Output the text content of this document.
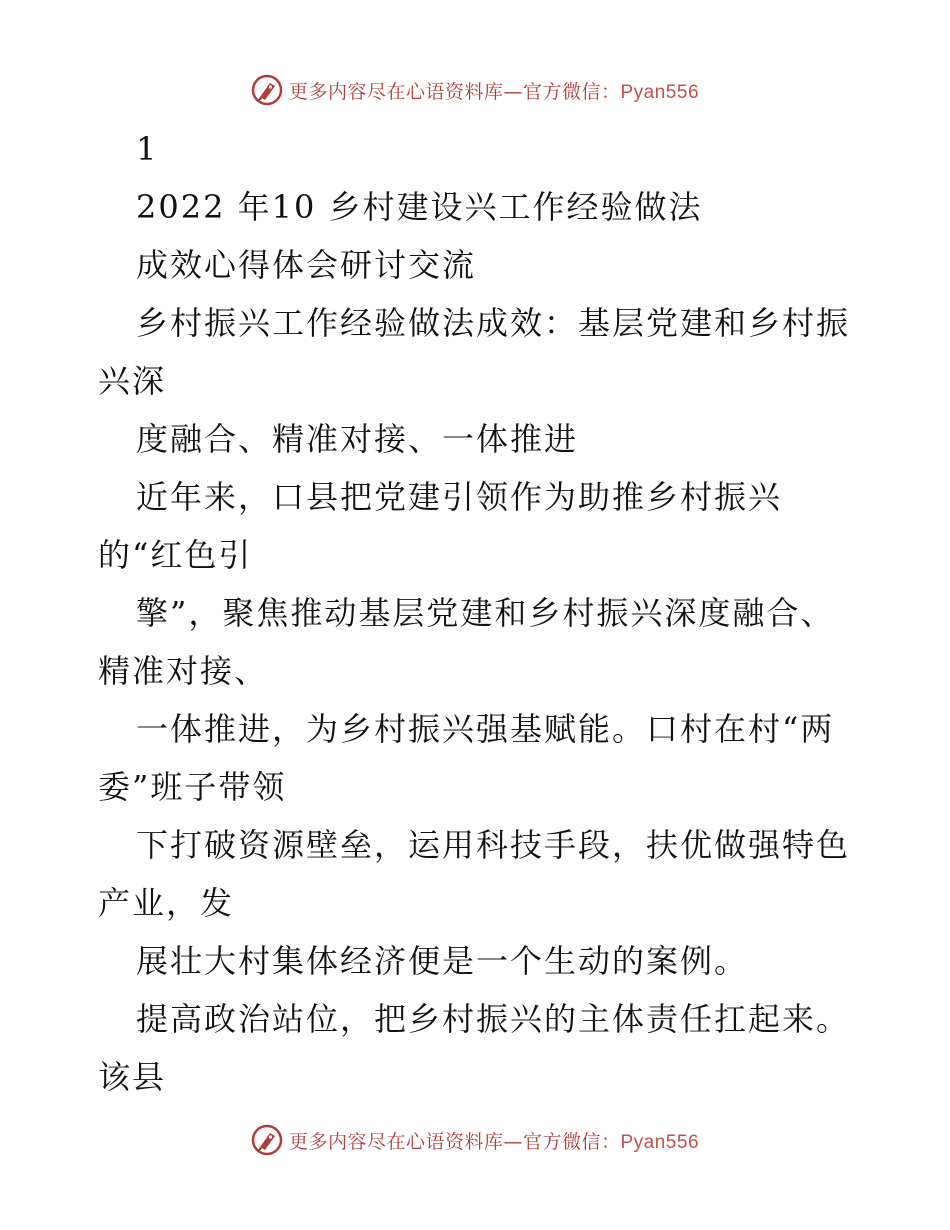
更多内容尽在心语资料库—官方微信：Pyan556
1
2022 年10 乡村建设兴工作经验做法
成效心得体会研讨交流
乡村振兴工作经验做法成效：基层党建和乡村振
兴深
度融合、精准对接、一体推进
近年来，口县把党建引领作为助推乡村振兴
的“红色引
擎”，聚焦推动基层党建和乡村振兴深度融合、
精准对接、
一体推进，为乡村振兴强基赋能。口村在村“两
委”班子带领
下打破资源壁垒，运用科技手段，扶优做强特色
产业，发
展壮大村集体经济便是一个生动的案例。
提高政治站位，把乡村振兴的主体责任扛起来。
该县
更多内容尽在心语资料库—官方微信：Pyan556
